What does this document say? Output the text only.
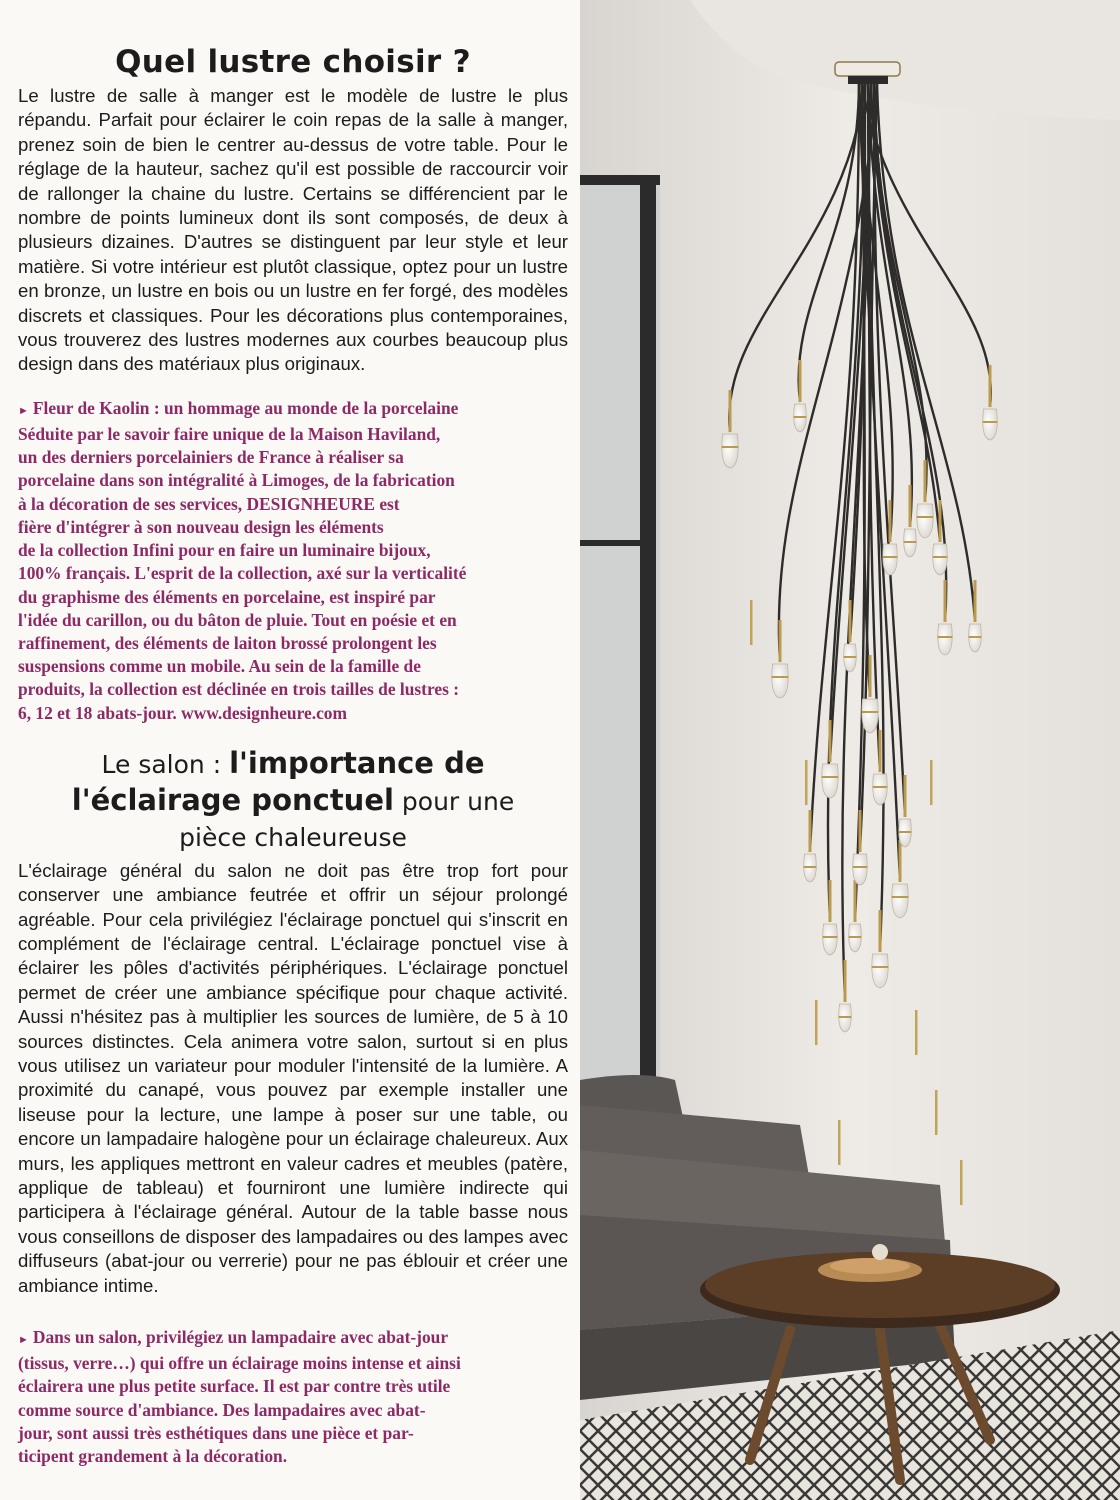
Quel lustre choisir ?

Le lustre de salle à manger est le modèle de lustre le plus répandu. Parfait pour éclairer le coin repas de la salle à manger, prenez soin de bien le centrer au-dessus de votre table. Pour le réglage de la hauteur, sachez qu'il est possible de raccourcir voir de rallonger la chaine du lustre. Certains se différencient par le nombre de points lumineux dont ils sont composés, de deux à plusieurs dizaines. D'autres se distinguent par leur style et leur matière. Si votre intérieur est plutôt classique, optez pour un lustre en bronze, un lustre en bois ou un lustre en fer forgé, des modèles discrets et classiques. Pour les décorations plus contemporaines, vous trouverez des lustres modernes aux courbes beaucoup plus design dans des matériaux plus originaux.

► Fleur de Kaolin : un hommage au monde de la porcelaine
Séduite par le savoir faire unique de la Maison Haviland,
un des derniers porcelainiers de France à réaliser sa
porcelaine dans son intégralité à Limoges, de la fabrication
à la décoration de ses services, DESIGNHEURE est
fière d'intégrer à son nouveau design les éléments
de la collection Infini pour en faire un luminaire bijoux,
100% français. L'esprit de la collection, axé sur la verticalité
du graphisme des éléments en porcelaine, est inspiré par
l'idée du carillon, ou du bâton de pluie. Tout en poésie et en
raffinement, des éléments de laiton brossé prolongent les
suspensions comme un mobile. Au sein de la famille de
produits, la collection est déclinée en trois tailles de lustres :
6, 12 et 18 abats-jour. www.designheure.com
Le salon : l'importance de
l'éclairage ponctuel pour une
pièce chaleureuse

L'éclairage général du salon ne doit pas être trop fort pour conserver une ambiance feutrée et offrir un séjour prolongé agréable. Pour cela privilégiez l'éclairage ponctuel qui s'inscrit en complément de l'éclairage central. L'éclairage ponctuel vise à éclairer les pôles d'activités périphériques. L'éclairage ponctuel permet de créer une ambiance spécifique pour chaque activité. Aussi n'hésitez pas à multiplier les sources de lumière, de 5 à 10 sources distinctes. Cela animera votre salon, surtout si en plus vous utilisez un variateur pour moduler l'intensité de la lumière. A proximité du canapé, vous pouvez par exemple installer une liseuse pour la lecture, une lampe à poser sur une table, ou encore un lampadaire halogène pour un éclairage chaleureux. Aux murs, les appliques mettront en valeur cadres et meubles (patère, applique de tableau) et fourniront une lumière indirecte qui participera à l'éclairage général. Autour de la table basse nous vous conseillons de disposer des lampadaires ou des lampes avec diffuseurs (abat-jour ou verrerie) pour ne pas éblouir et créer une ambiance intime.

► Dans un salon, privilégiez un lampadaire avec abat-jour
(tissus, verre…) qui offre un éclairage moins intense et ainsi
éclairera une plus petite surface. Il est par contre très utile
comme source d'ambiance. Des lampadaires avec abat-
jour, sont aussi très esthétiques dans une pièce et par-
ticipent grandement à la décoration.
